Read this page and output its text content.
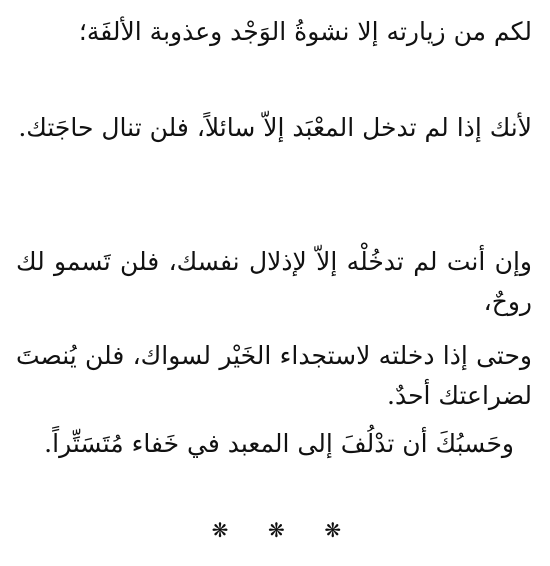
لكم من زيارته إلا نشوةُ الوَجْد وعذوبة الألفَة؛

لأنك إذا لم تدخل المعْبَد إلاّ سائلاً، فلن تنال حاجَتك.

وإن أنت لم تدخُلْه إلاّ لإذلال نفسك، فلن تَسمو لك روحٌ،

وحتى إذا دخلته لاستجداء الخَيْر لسواك، فلن يُنصتَ لضراعتك أحدٌ.

وحَسبُكَ أن تدْلُفَ إلى المعبد في خَفاء مُتَسَتِّراً.

❋ ❋ ❋
